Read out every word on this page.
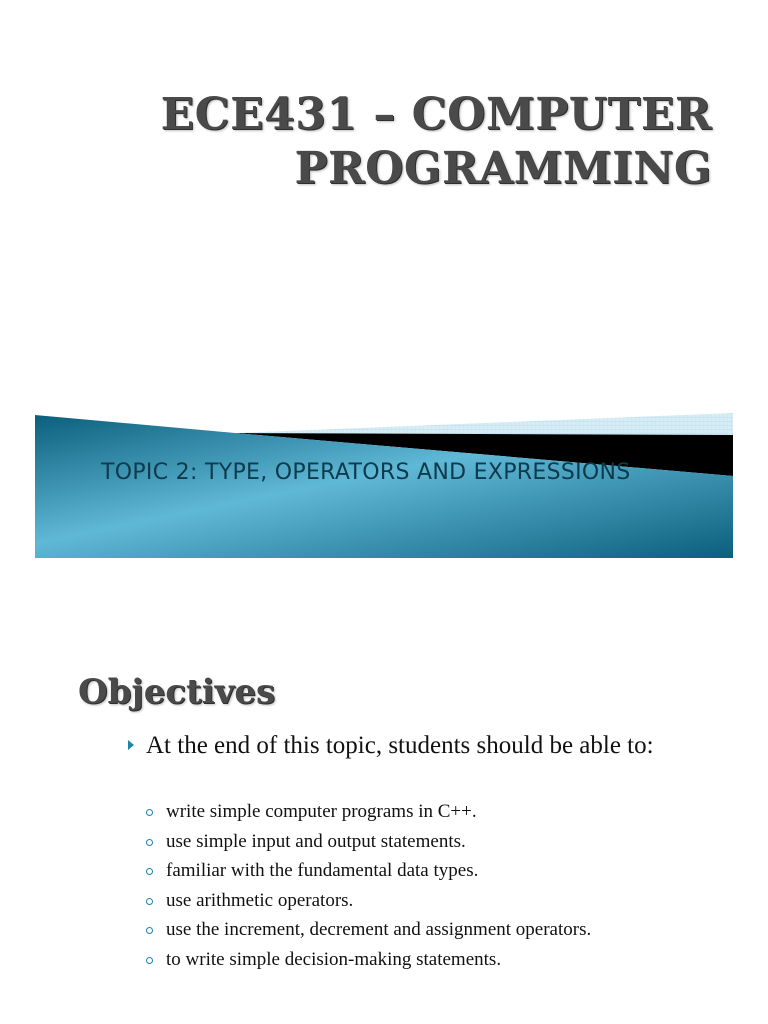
ECE431 – COMPUTER
PROGRAMMING

TOPIC 2: TYPE, OPERATORS AND EXPRESSIONS

Objectives
At the end of this topic, students should be able to:
write simple computer programs in C++.
use simple input and output statements.
familiar with the fundamental data types.
use arithmetic operators.
use the increment, decrement and assignment operators.
to write simple decision-making statements.
